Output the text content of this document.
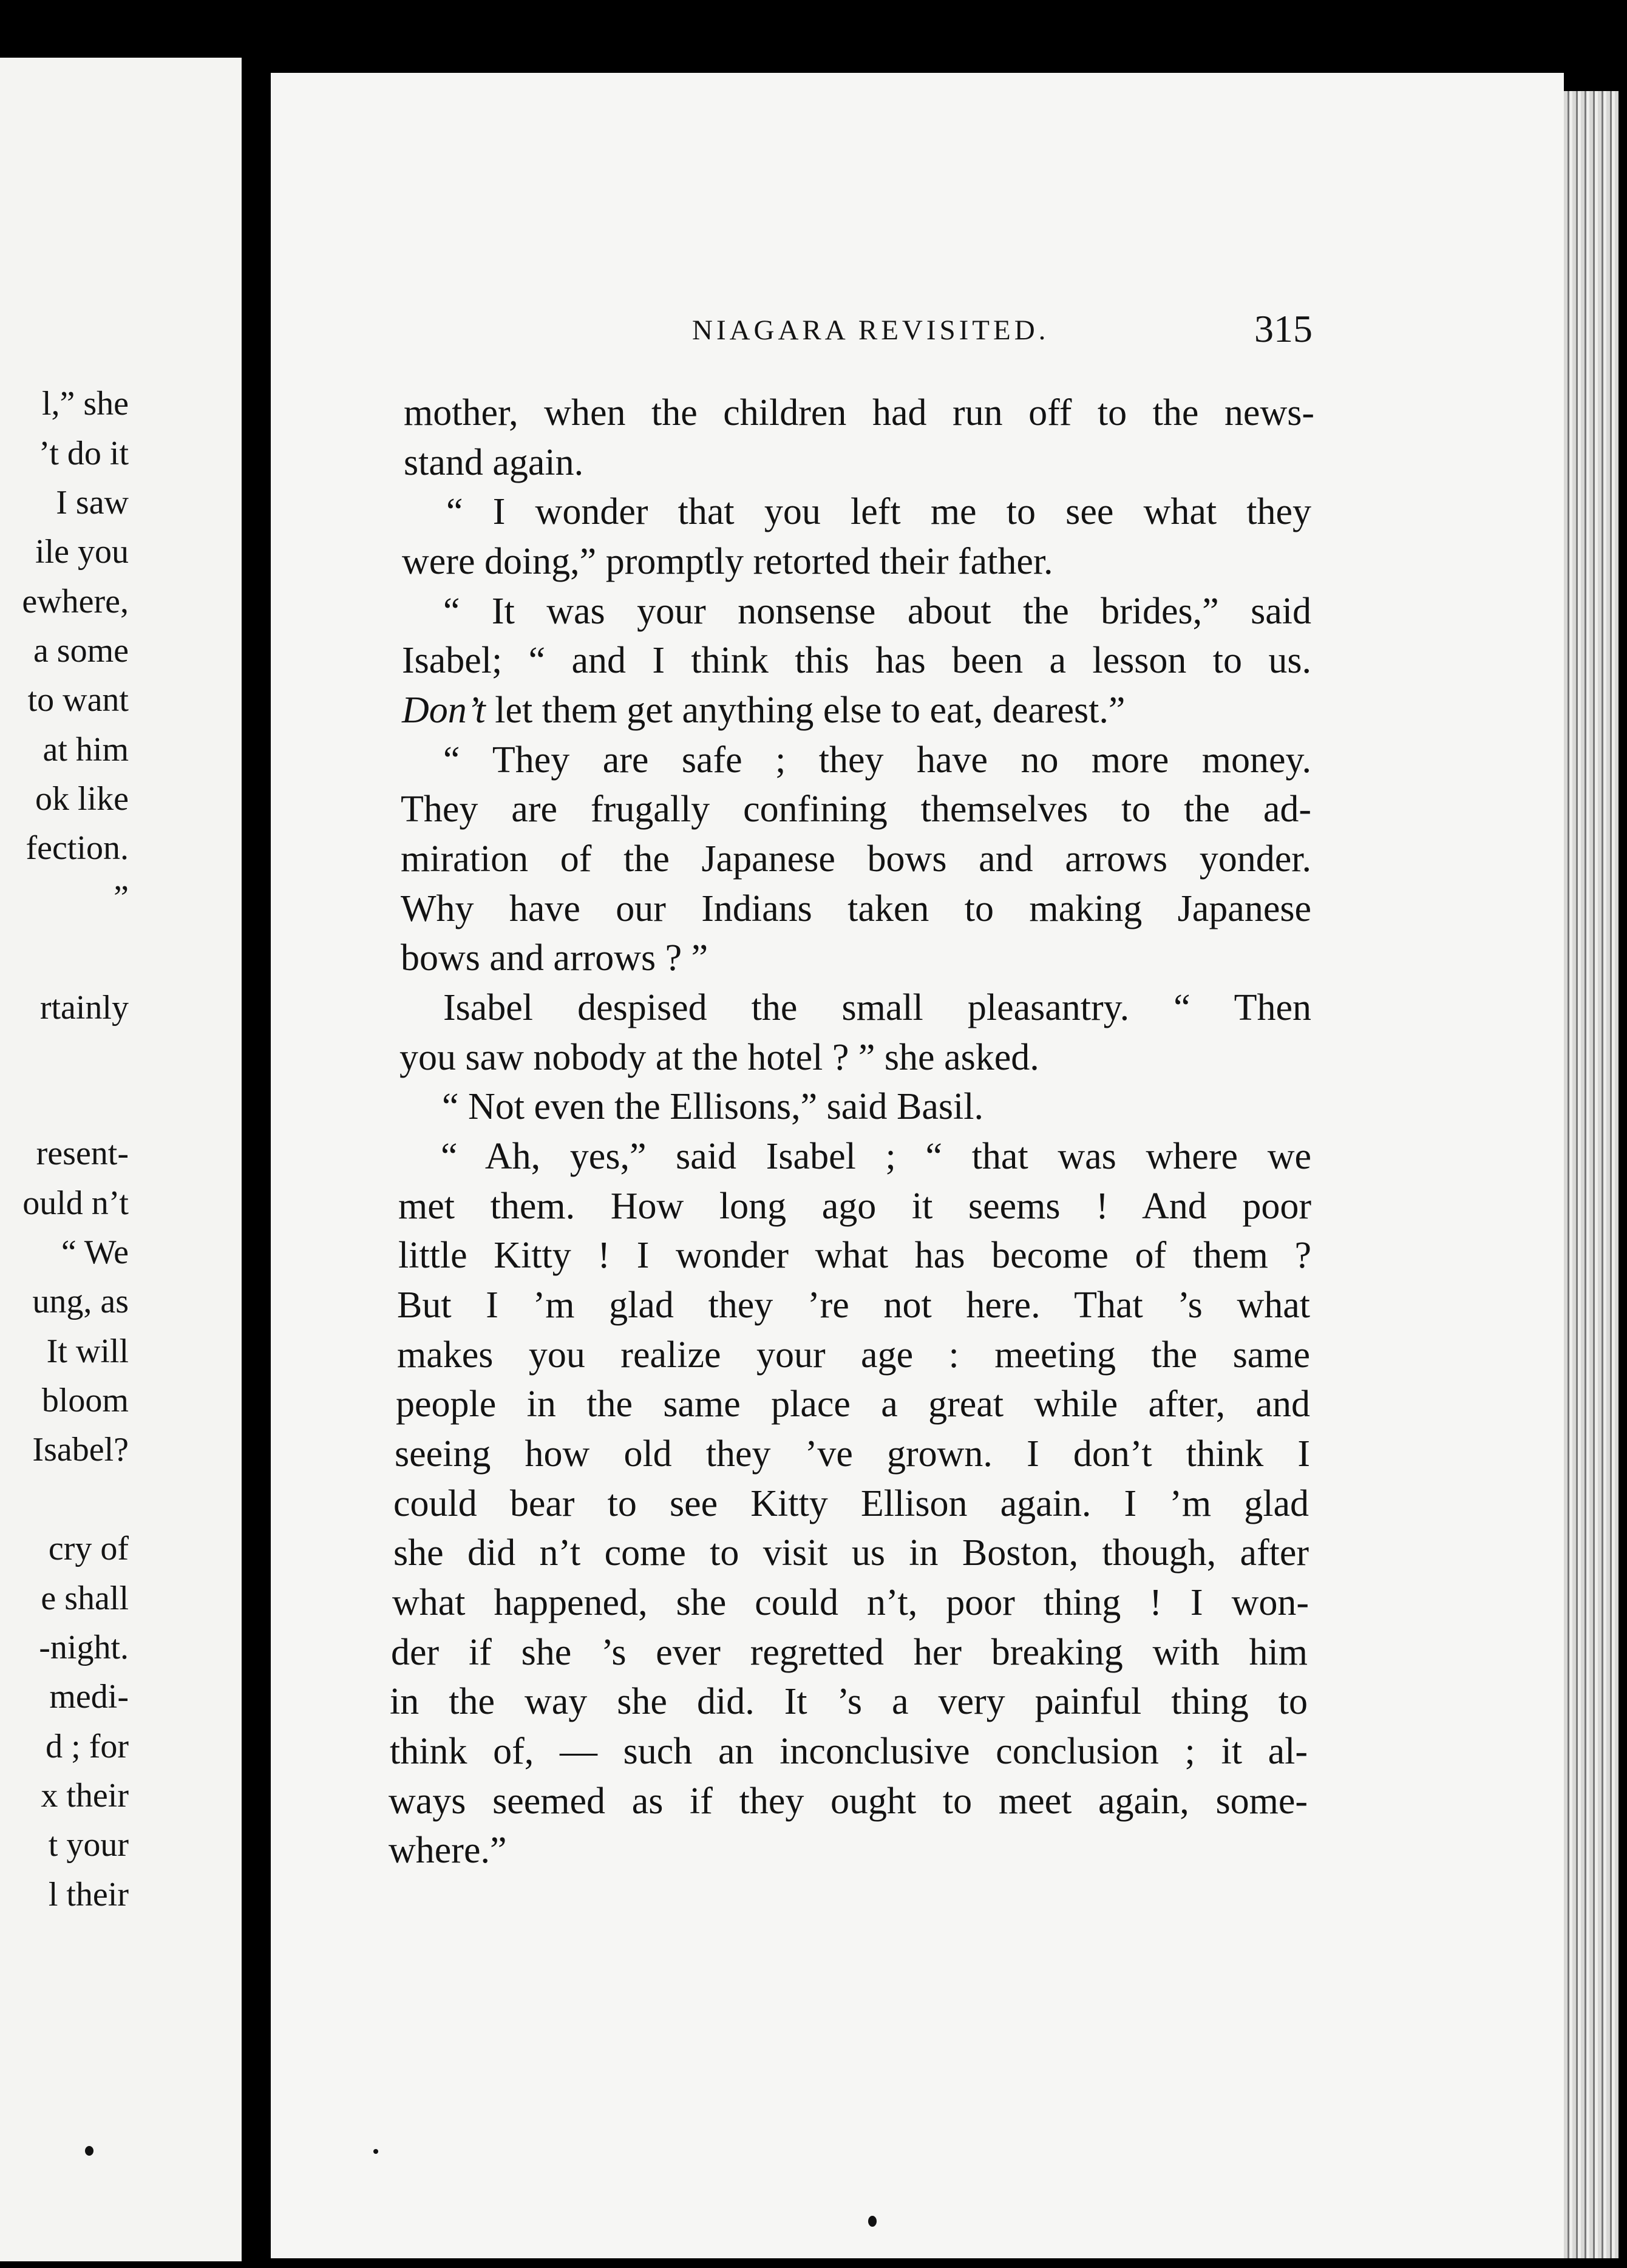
l,” she
’t do it
I saw
ile you
ewhere,
a some
to want
at him
ok like
fection.
”
rtainly
resent-
ould n’t
“ We
ung, as
It will
bloom
Isabel?
cry of
e shall
-night.
medi-
d ; for
x their
t your
l their
NIAGARA REVISITED.	315
mother, when the children had run off to the news-
stand again.
“ I wonder that you left me to see what they
were doing,” promptly retorted their father.
“ It was your nonsense about the brides,” said
Isabel; “ and I think this has been a lesson to us.
Don’t let them get anything else to eat, dearest.”
“ They are safe ; they have no more money.
They are frugally confining themselves to the ad-
miration of the Japanese bows and arrows yonder.
Why have our Indians taken to making Japanese
bows and arrows ? ”
Isabel despised the small pleasantry. “ Then
you saw nobody at the hotel ? ” she asked.
“ Not even the Ellisons,” said Basil.
“ Ah, yes,” said Isabel ; “ that was where we
met them. How long ago it seems ! And poor
little Kitty ! I wonder what has become of them ?
But I ’m glad they ’re not here. That ’s what
makes you realize your age : meeting the same
people in the same place a great while after, and
seeing how old they ’ve grown. I don’t think I
could bear to see Kitty Ellison again. I ’m glad
she did n’t come to visit us in Boston, though, after
what happened, she could n’t, poor thing ! I won-
der if she ’s ever regretted her breaking with him
in the way she did. It ’s a very painful thing to
think of, — such an inconclusive conclusion ; it al-
ways seemed as if they ought to meet again, some-
where.”
